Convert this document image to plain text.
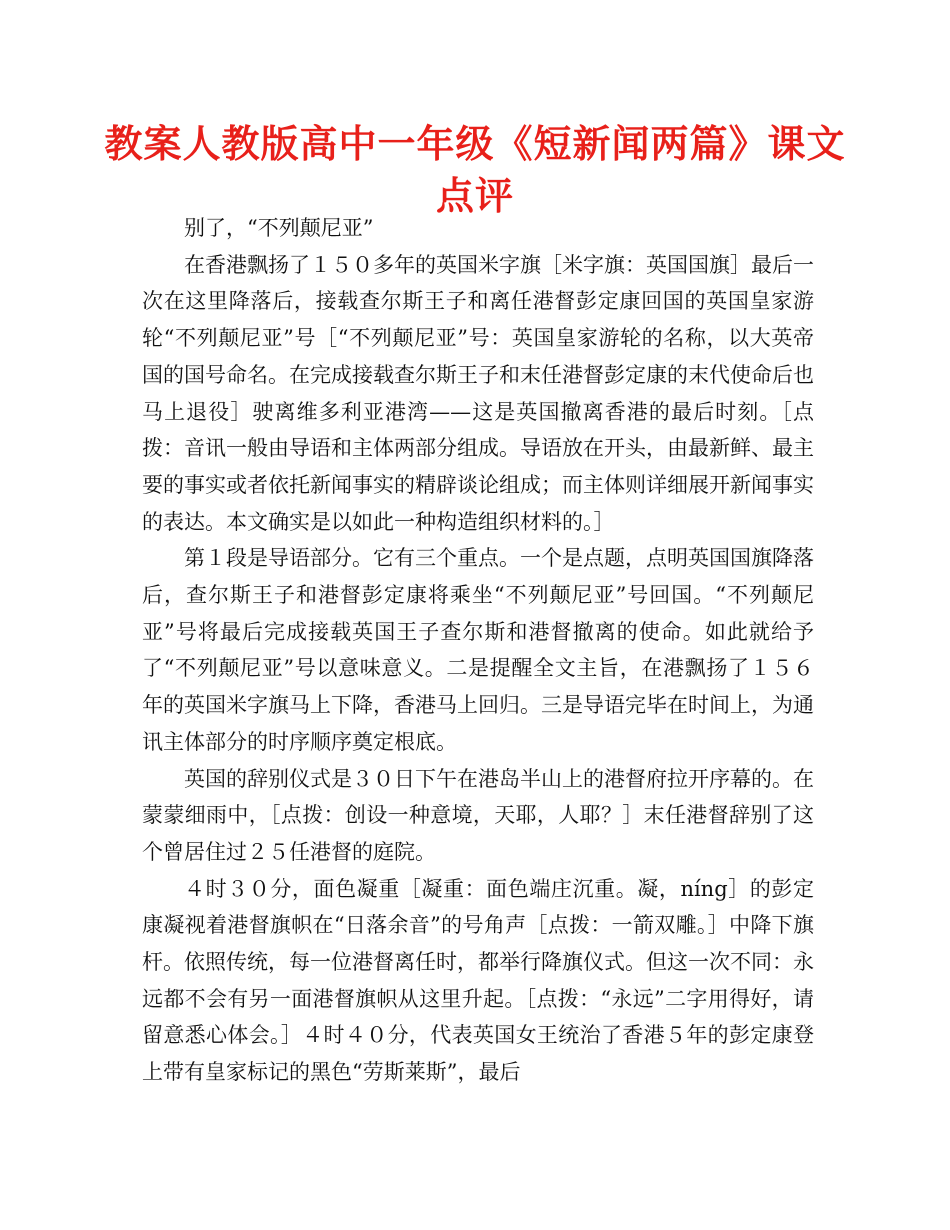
教案人教版高中一年级《短新闻两篇》课文点评

别了，“不列颠尼亚”

在香港飘扬了１５０多年的英国米字旗［米字旗：英国国旗］最后一次在这里降落后，接载查尔斯王子和离任港督彭定康回国的英国皇家游轮“不列颠尼亚”号［“不列颠尼亚”号：英国皇家游轮的名称，以大英帝国的国号命名。在完成接载查尔斯王子和末任港督彭定康的末代使命后也马上退役］驶离维多利亚港湾——这是英国撤离香港的最后时刻。［点拨：音讯一般由导语和主体两部分组成。导语放在开头，由最新鲜、最主要的事实或者依托新闻事实的精辟谈论组成；而主体则详细展开新闻事实的表达。本文确实是以如此一种构造组织材料的。］

第１段是导语部分。它有三个重点。一个是点题，点明英国国旗降落后，查尔斯王子和港督彭定康将乘坐“不列颠尼亚”号回国。“不列颠尼亚”号将最后完成接载英国王子查尔斯和港督撤离的使命。如此就给予了“不列颠尼亚”号以意味意义。二是提醒全文主旨，在港飘扬了１５６年的英国米字旗马上下降，香港马上回归。三是导语完毕在时间上，为通讯主体部分的时序顺序奠定根底。

英国的辞别仪式是３０日下午在港岛半山上的港督府拉开序幕的。在蒙蒙细雨中，［点拨：创设一种意境，天耶，人耶？］末任港督辞别了这个曾居住过２５任港督的庭院。

４时３０分，面色凝重［凝重：面色端庄沉重。凝，níng］的彭定康凝视着港督旗帜在“日落余音”的号角声［点拨：一箭双雕。］中降下旗杆。依照传统，每一位港督离任时，都举行降旗仪式。但这一次不同：永远都不会有另一面港督旗帜从这里升起。［点拨：“永远”二字用得好，请留意悉心体会。］４时４０分，代表英国女王统治了香港５年的彭定康登上带有皇家标记的黑色“劳斯莱斯”，最后
